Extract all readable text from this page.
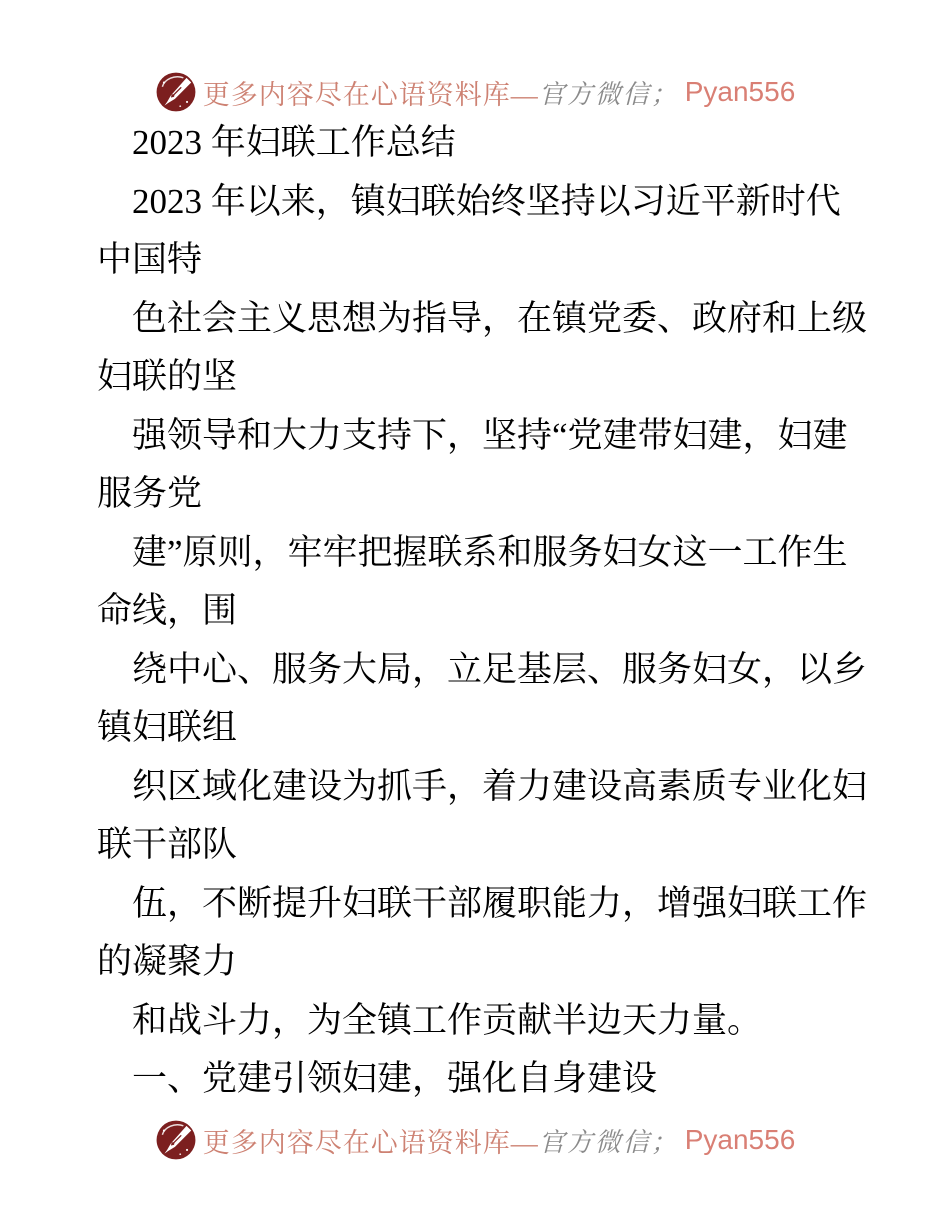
更多内容尽在心语资料库— 官方微信； Pyan556
2023 年妇联工作总结
2023 年以来，镇妇联始终坚持以习近平新时代
中国特
色社会主义思想为指导，在镇党委、政府和上级
妇联的坚
强领导和大力支持下，坚持“党建带妇建，妇建
服务党
建”原则，牢牢把握联系和服务妇女这一工作生
命线，围
绕中心、服务大局，立足基层、服务妇女，以乡
镇妇联组
织区域化建设为抓手，着力建设高素质专业化妇
联干部队
伍，不断提升妇联干部履职能力，增强妇联工作
的凝聚力
和战斗力，为全镇工作贡献半边天力量。
一、党建引领妇建，强化自身建设
更多内容尽在心语资料库— 官方微信； Pyan556
